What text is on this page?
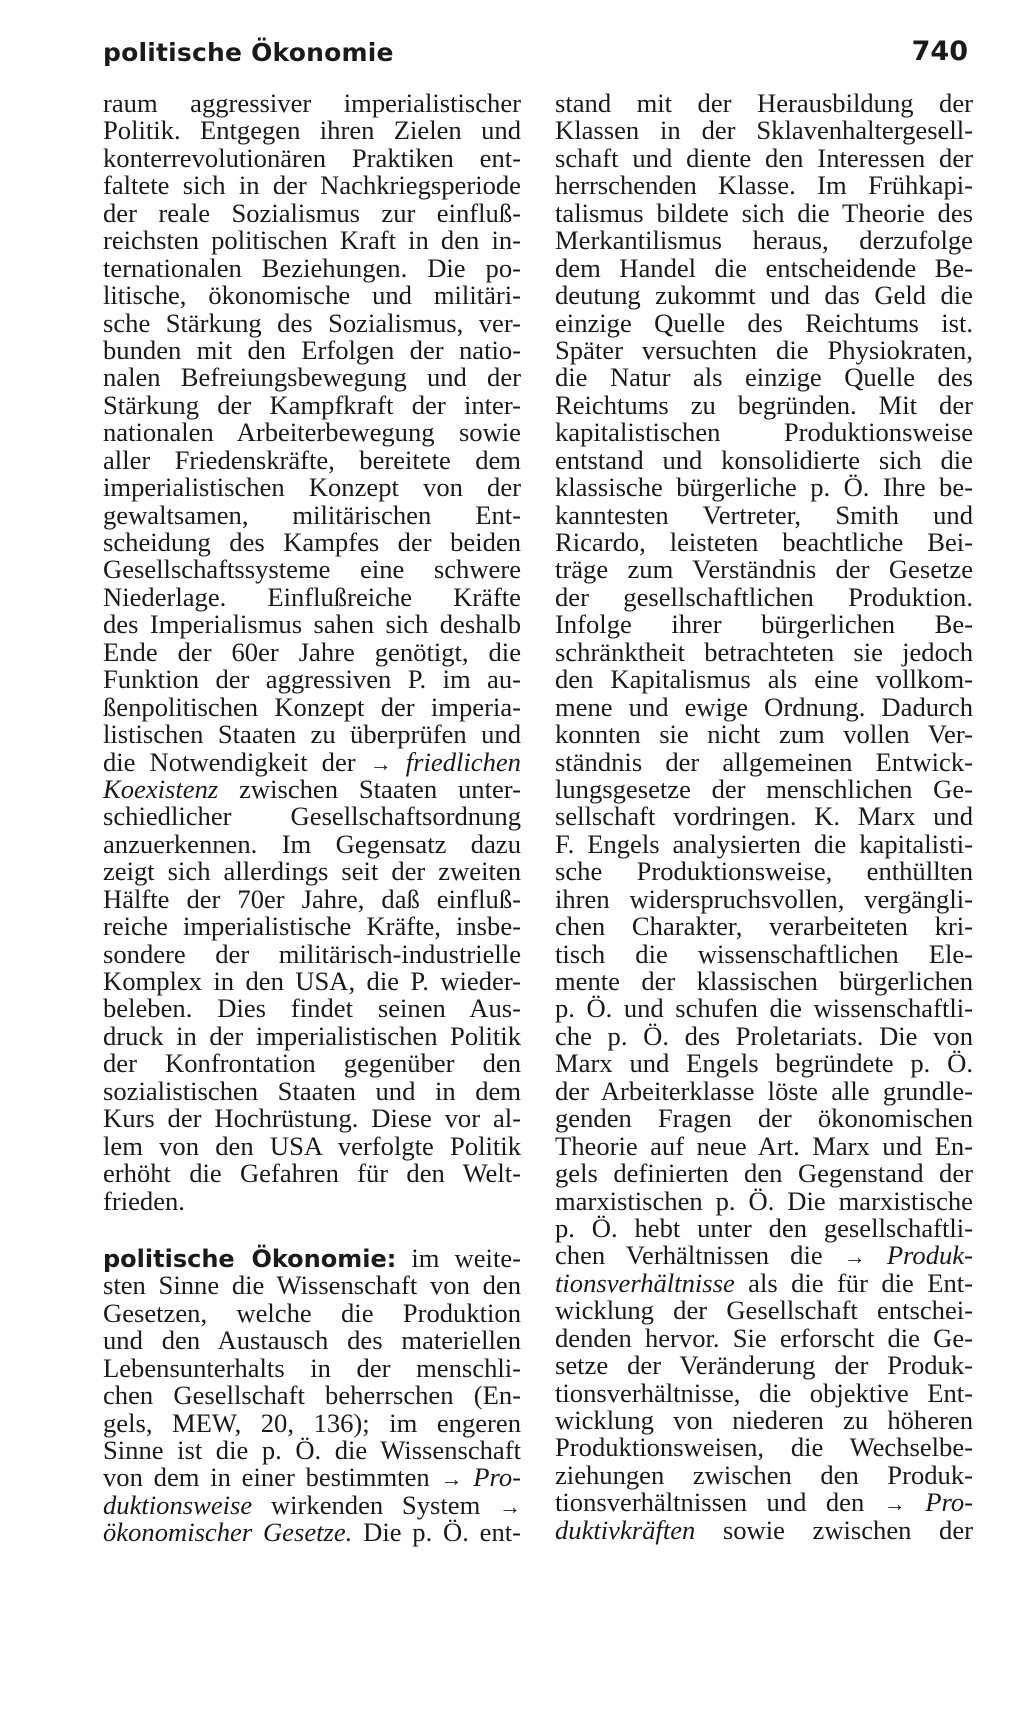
politische Ökonomie	740
raum aggressiver imperialistischer
Politik. Entgegen ihren Zielen und
konterrevolutionären Praktiken ent-
faltete sich in der Nachkriegsperiode
der reale Sozialismus zur einfluß-
reichsten politischen Kraft in den in-
ternationalen Beziehungen. Die po-
litische, ökonomische und militäri-
sche Stärkung des Sozialismus, ver-
bunden mit den Erfolgen der natio-
nalen Befreiungsbewegung und der
Stärkung der Kampfkraft der inter-
nationalen Arbeiterbewegung sowie
aller Friedenskräfte, bereitete dem
imperialistischen Konzept von der
gewaltsamen, militärischen Ent-
scheidung des Kampfes der beiden
Gesellschaftssysteme eine schwere
Niederlage. Einflußreiche Kräfte
des Imperialismus sahen sich deshalb
Ende der 60er Jahre genötigt, die
Funktion der aggressiven P. im au-
ßenpolitischen Konzept der imperia-
listischen Staaten zu überprüfen und
die Notwendigkeit der → friedlichen
Koexistenz zwischen Staaten unter-
schiedlicher Gesellschaftsordnung
anzuerkennen. Im Gegensatz dazu
zeigt sich allerdings seit der zweiten
Hälfte der 70er Jahre, daß einfluß-
reiche imperialistische Kräfte, insbe-
sondere der militärisch-industrielle
Komplex in den USA, die P. wieder-
beleben. Dies findet seinen Aus-
druck in der imperialistischen Politik
der Konfrontation gegenüber den
sozialistischen Staaten und in dem
Kurs der Hochrüstung. Diese vor al-
lem von den USA verfolgte Politik
erhöht die Gefahren für den Welt-
frieden.
politische Ökonomie: im weite-
sten Sinne die Wissenschaft von den
Gesetzen, welche die Produktion
und den Austausch des materiellen
Lebensunterhalts in der menschli-
chen Gesellschaft beherrschen (En-
gels, MEW, 20, 136); im engeren
Sinne ist die p. Ö. die Wissenschaft
von dem in einer bestimmten → Pro-
duktionsweise wirkenden System →
ökonomischer Gesetze. Die p. Ö. ent-
stand mit der Herausbildung der
Klassen in der Sklavenhaltergesell-
schaft und diente den Interessen der
herrschenden Klasse. Im Frühkapi-
talismus bildete sich die Theorie des
Merkantilismus heraus, derzufolge
dem Handel die entscheidende Be-
deutung zukommt und das Geld die
einzige Quelle des Reichtums ist.
Später versuchten die Physiokraten,
die Natur als einzige Quelle des
Reichtums zu begründen. Mit der
kapitalistischen Produktionsweise
entstand und konsolidierte sich die
klassische bürgerliche p. Ö. Ihre be-
kanntesten Vertreter, Smith und
Ricardo, leisteten beachtliche Bei-
träge zum Verständnis der Gesetze
der gesellschaftlichen Produktion.
Infolge ihrer bürgerlichen Be-
schränktheit betrachteten sie jedoch
den Kapitalismus als eine vollkom-
mene und ewige Ordnung. Dadurch
konnten sie nicht zum vollen Ver-
ständnis der allgemeinen Entwick-
lungsgesetze der menschlichen Ge-
sellschaft vordringen. K. Marx und
F. Engels analysierten die kapitalisti-
sche Produktionsweise, enthüllten
ihren widerspruchsvollen, vergängli-
chen Charakter, verarbeiteten kri-
tisch die wissenschaftlichen Ele-
mente der klassischen bürgerlichen
p. Ö. und schufen die wissenschaftli-
che p. Ö. des Proletariats. Die von
Marx und Engels begründete p. Ö.
der Arbeiterklasse löste alle grundle-
genden Fragen der ökonomischen
Theorie auf neue Art. Marx und En-
gels definierten den Gegenstand der
marxistischen p. Ö. Die marxistische
p. Ö. hebt unter den gesellschaftli-
chen Verhältnissen die → Produk-
tionsverhältnisse als die für die Ent-
wicklung der Gesellschaft entschei-
denden hervor. Sie erforscht die Ge-
setze der Veränderung der Produk-
tionsverhältnisse, die objektive Ent-
wicklung von niederen zu höheren
Produktionsweisen, die Wechselbe-
ziehungen zwischen den Produk-
tionsverhältnissen und den → Pro-
duktivkräften sowie zwischen der
